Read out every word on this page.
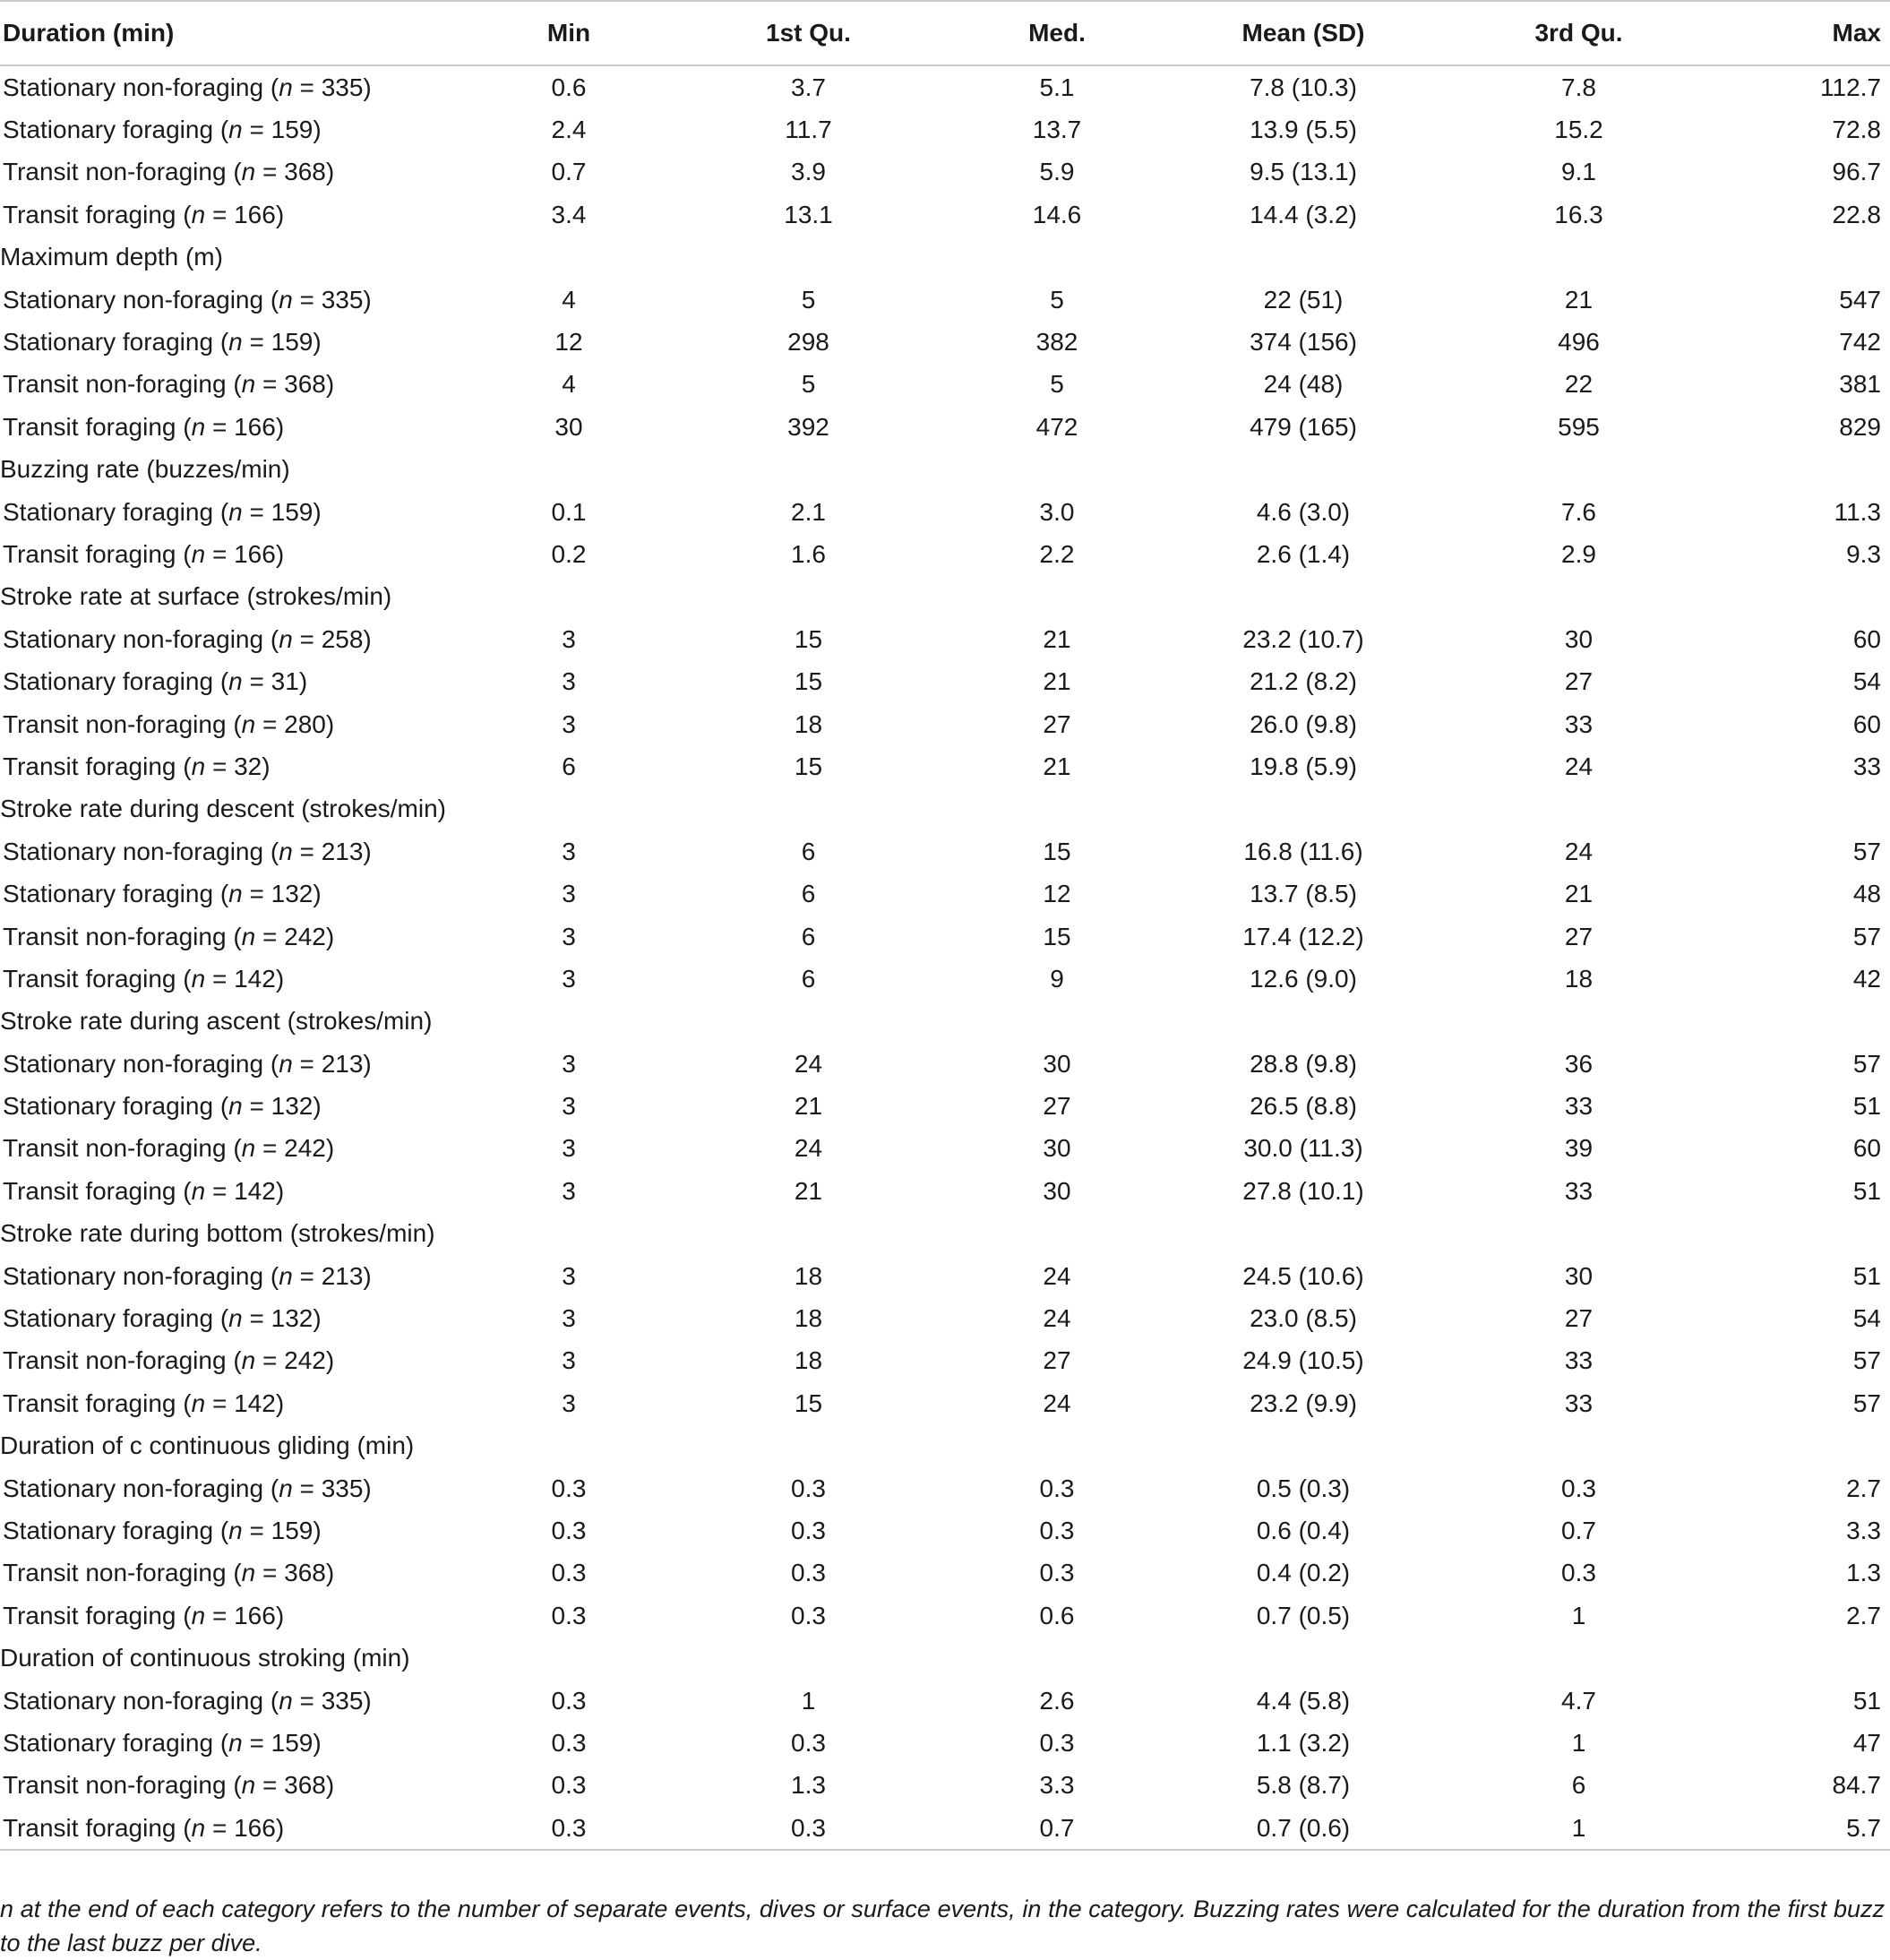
Duration (min)	Min	1st Qu.	Med.	Mean (SD)	3rd Qu.	Max
Stationary non-foraging (n = 335)	0.6	3.7	5.1	7.8 (10.3)	7.8	112.7
Stationary foraging (n = 159)	2.4	11.7	13.7	13.9 (5.5)	15.2	72.8
Transit non-foraging (n = 368)	0.7	3.9	5.9	9.5 (13.1)	9.1	96.7
Transit foraging (n = 166)	3.4	13.1	14.6	14.4 (3.2)	16.3	22.8
Maximum depth (m)						
Stationary non-foraging (n = 335)	4	5	5	22 (51)	21	547
Stationary foraging (n = 159)	12	298	382	374 (156)	496	742
Transit non-foraging (n = 368)	4	5	5	24 (48)	22	381
Transit foraging (n = 166)	30	392	472	479 (165)	595	829
Buzzing rate (buzzes/min)						
Stationary foraging (n = 159)	0.1	2.1	3.0	4.6 (3.0)	7.6	11.3
Transit foraging (n = 166)	0.2	1.6	2.2	2.6 (1.4)	2.9	9.3
Stroke rate at surface (strokes/min)						
Stationary non-foraging (n = 258)	3	15	21	23.2 (10.7)	30	60
Stationary foraging (n = 31)	3	15	21	21.2 (8.2)	27	54
Transit non-foraging (n = 280)	3	18	27	26.0 (9.8)	33	60
Transit foraging (n = 32)	6	15	21	19.8 (5.9)	24	33
Stroke rate during descent (strokes/min)						
Stationary non-foraging (n = 213)	3	6	15	16.8 (11.6)	24	57
Stationary foraging (n = 132)	3	6	12	13.7 (8.5)	21	48
Transit non-foraging (n = 242)	3	6	15	17.4 (12.2)	27	57
Transit foraging (n = 142)	3	6	9	12.6 (9.0)	18	42
Stroke rate during ascent (strokes/min)						
Stationary non-foraging (n = 213)	3	24	30	28.8 (9.8)	36	57
Stationary foraging (n = 132)	3	21	27	26.5 (8.8)	33	51
Transit non-foraging (n = 242)	3	24	30	30.0 (11.3)	39	60
Transit foraging (n = 142)	3	21	30	27.8 (10.1)	33	51
Stroke rate during bottom (strokes/min)						
Stationary non-foraging (n = 213)	3	18	24	24.5 (10.6)	30	51
Stationary foraging (n = 132)	3	18	24	23.0 (8.5)	27	54
Transit non-foraging (n = 242)	3	18	27	24.9 (10.5)	33	57
Transit foraging (n = 142)	3	15	24	23.2 (9.9)	33	57
Duration of c continuous gliding (min)						
Stationary non-foraging (n = 335)	0.3	0.3	0.3	0.5 (0.3)	0.3	2.7
Stationary foraging (n = 159)	0.3	0.3	0.3	0.6 (0.4)	0.7	3.3
Transit non-foraging (n = 368)	0.3	0.3	0.3	0.4 (0.2)	0.3	1.3
Transit foraging (n = 166)	0.3	0.3	0.6	0.7 (0.5)	1	2.7
Duration of continuous stroking (min)						
Stationary non-foraging (n = 335)	0.3	1	2.6	4.4 (5.8)	4.7	51
Stationary foraging (n = 159)	0.3	0.3	0.3	1.1 (3.2)	1	47
Transit non-foraging (n = 368)	0.3	1.3	3.3	5.8 (8.7)	6	84.7
Transit foraging (n = 166)	0.3	0.3	0.7	0.7 (0.6)	1	5.7

n at the end of each category refers to the number of separate events, dives or surface events, in the category. Buzzing rates were calculated for the duration from the first buzz to the last buzz per dive.
